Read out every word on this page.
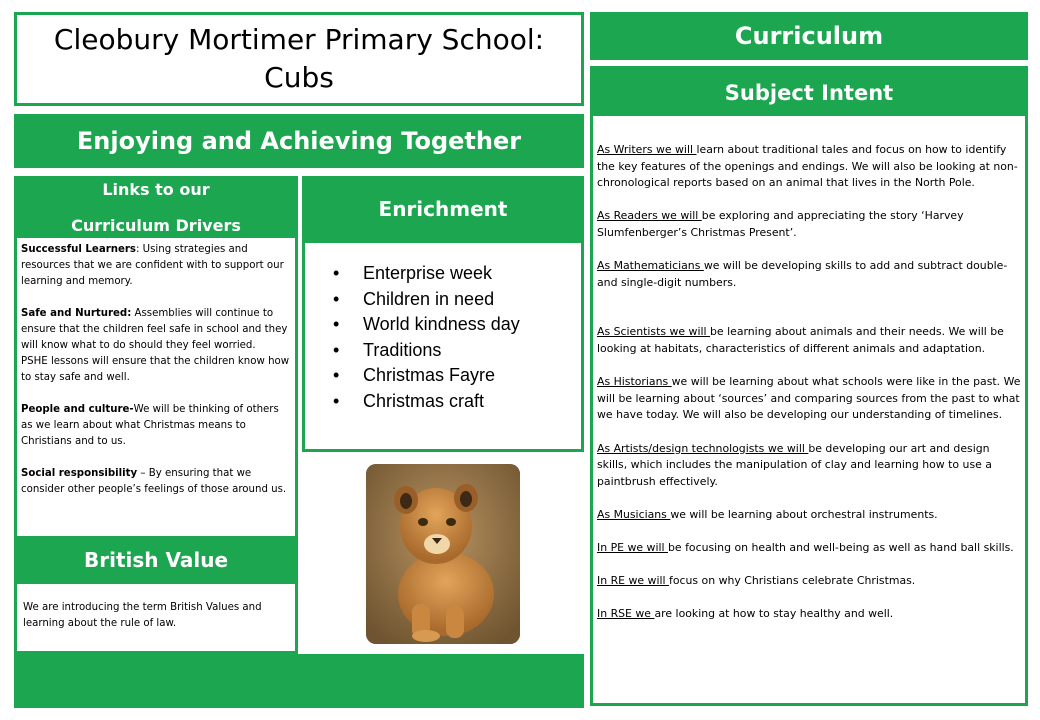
Cleobury Mortimer Primary School:
Cubs
Enjoying and Achieving Together
Links to our
Curriculum Drivers

Successful Learners: Using strategies and resources that we are confident with to support our learning and memory.

Safe and Nurtured: Assemblies will continue to ensure that the children feel safe in school and they will know what to do should they feel worried.

PSHE lessons will ensure that the children know how to stay safe and well.

People and culture-We will be thinking of others as we learn about what Christmas means to Christians and to us.

Social responsibility – By ensuring that we consider other people’s feelings of those around us.

British Value
We are introducing the term British Values and learning about the rule of law.
Enrichment
• Enterprise week
• Children in need
• World kindness day
• Traditions
• Christmas Fayre
• Christmas craft
Curriculum
Subject Intent

As Writers we will learn about traditional tales and focus on how to identify the key features of the openings and endings. We will also be looking at non-chronological reports based on an animal that lives in the North Pole.

As Readers we will be exploring and appreciating the story ‘Harvey Slumfenberger’s Christmas Present’.

As Mathematicians we will be developing skills to add and subtract double- and single-digit numbers.

As Scientists we will be learning about animals and their needs. We will be looking at habitats, characteristics of different animals and adaptation.

As Historians we will be learning about what schools were like in the past. We will be learning about ‘sources’ and comparing sources from the past to what we have today. We will also be developing our understanding of timelines.

As Artists/design technologists we will be developing our art and design skills, which includes the manipulation of clay and learning how to use a paintbrush effectively.

As Musicians we will be learning about orchestral instruments.

In PE we will be focusing on health and well-being as well as hand ball skills.

In RE we will focus on why Christians celebrate Christmas.

In RSE we are looking at how to stay healthy and well.
